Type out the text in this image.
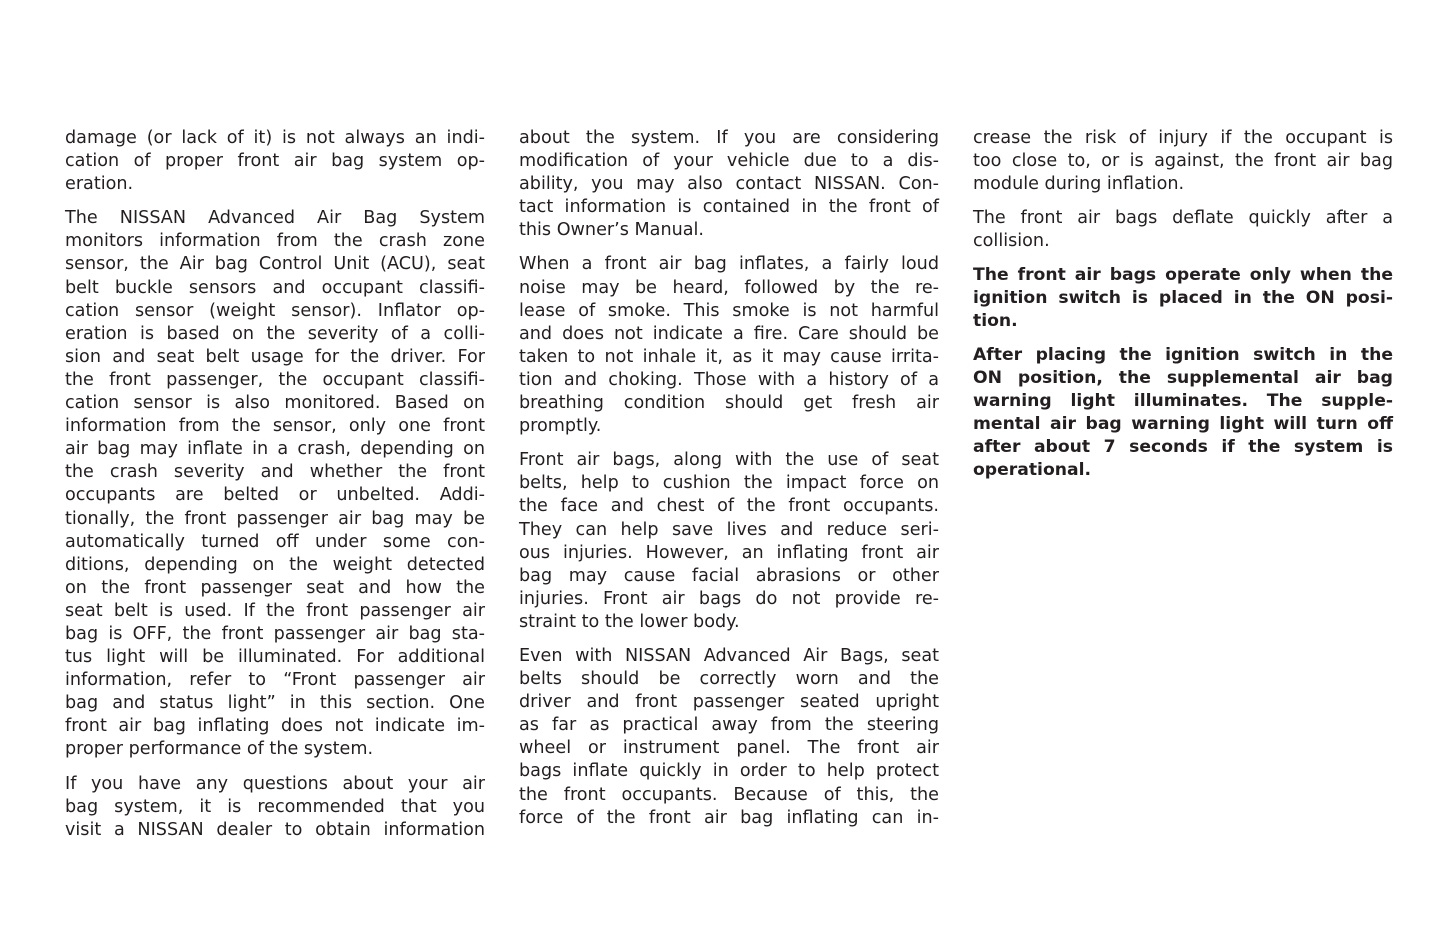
damage (or lack of it) is not always an indi-
cation of proper front air bag system op-
eration.

The NISSAN Advanced Air Bag System
monitors information from the crash zone
sensor, the Air bag Control Unit (ACU), seat
belt buckle sensors and occupant classifi-
cation sensor (weight sensor). Inflator op-
eration is based on the severity of a colli-
sion and seat belt usage for the driver. For
the front passenger, the occupant classifi-
cation sensor is also monitored. Based on
information from the sensor, only one front
air bag may inflate in a crash, depending on
the crash severity and whether the front
occupants are belted or unbelted. Addi-
tionally, the front passenger air bag may be
automatically turned off under some con-
ditions, depending on the weight detected
on the front passenger seat and how the
seat belt is used. If the front passenger air
bag is OFF, the front passenger air bag sta-
tus light will be illuminated. For additional
information, refer to “Front passenger air
bag and status light” in this section. One
front air bag inflating does not indicate im-
proper performance of the system.

If you have any questions about your air
bag system, it is recommended that you
visit a NISSAN dealer to obtain information

about the system. If you are considering
modification of your vehicle due to a dis-
ability, you may also contact NISSAN. Con-
tact information is contained in the front of
this Owner’s Manual.

When a front air bag inflates, a fairly loud
noise may be heard, followed by the re-
lease of smoke. This smoke is not harmful
and does not indicate a fire. Care should be
taken to not inhale it, as it may cause irrita-
tion and choking. Those with a history of a
breathing condition should get fresh air
promptly.

Front air bags, along with the use of seat
belts, help to cushion the impact force on
the face and chest of the front occupants.
They can help save lives and reduce seri-
ous injuries. However, an inflating front air
bag may cause facial abrasions or other
injuries. Front air bags do not provide re-
straint to the lower body.

Even with NISSAN Advanced Air Bags, seat
belts should be correctly worn and the
driver and front passenger seated upright
as far as practical away from the steering
wheel or instrument panel. The front air
bags inflate quickly in order to help protect
the front occupants. Because of this, the
force of the front air bag inflating can in-

crease the risk of injury if the occupant is
too close to, or is against, the front air bag
module during inflation.

The front air bags deflate quickly after a
collision.

The front air bags operate only when the
ignition switch is placed in the ON posi-
tion.

After placing the ignition switch in the
ON position, the supplemental air bag
warning light illuminates. The supple-
mental air bag warning light will turn off
after about 7 seconds if the system is
operational.
